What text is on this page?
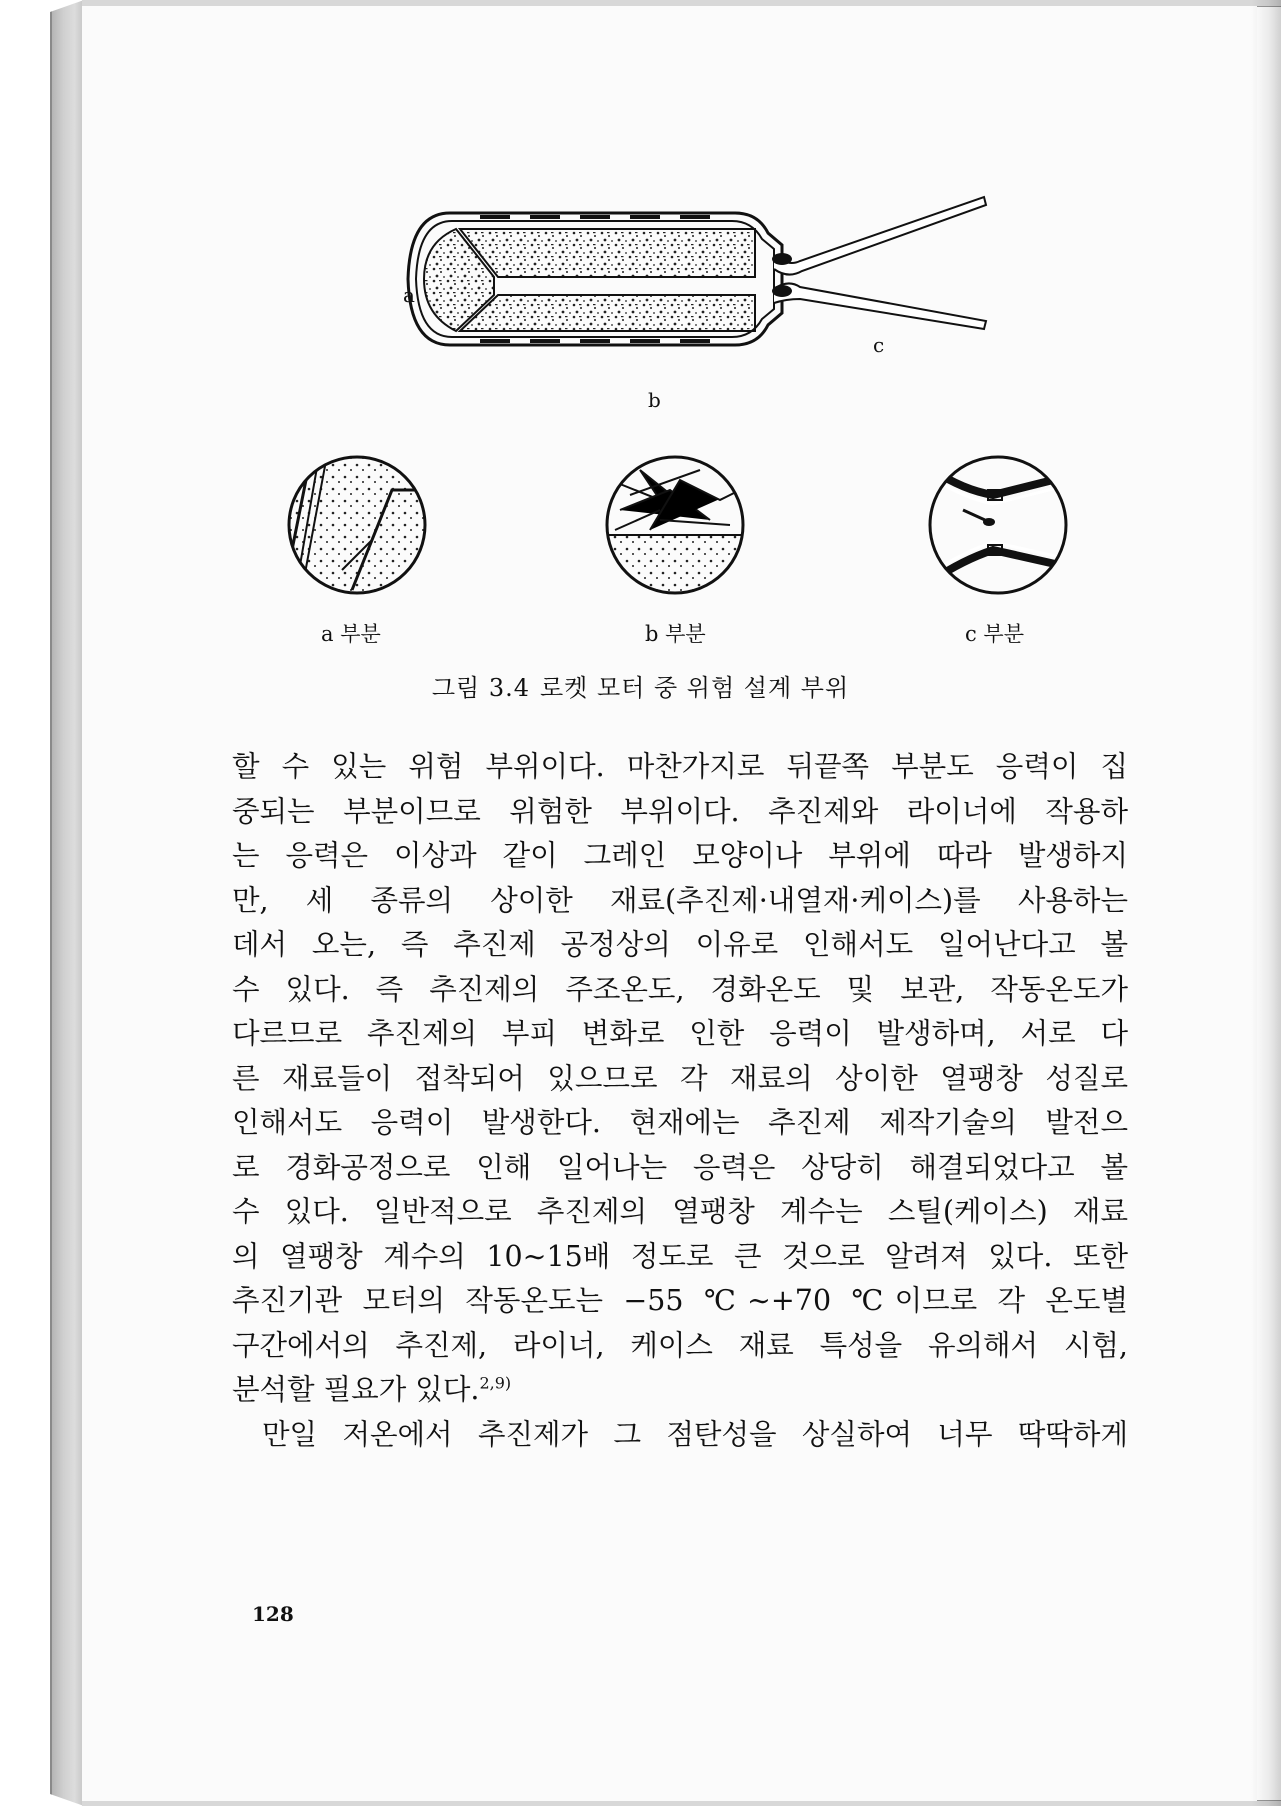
a
b
c
a 부분	b 부분	c 부분
그림 3.4 로켓 모터 중 위험 설계 부위
할 수 있는 위험 부위이다. 마찬가지로 뒤끝쪽 부분도 응력이 집
중되는 부분이므로 위험한 부위이다. 추진제와 라이너에 작용하
는 응력은 이상과 같이 그레인 모양이나 부위에 따라 발생하지
만, 세 종류의 상이한 재료(추진제·내열재·케이스)를 사용하는
데서 오는, 즉 추진제 공정상의 이유로 인해서도 일어난다고 볼
수 있다. 즉 추진제의 주조온도, 경화온도 및 보관, 작동온도가
다르므로 추진제의 부피 변화로 인한 응력이 발생하며, 서로 다
른 재료들이 접착되어 있으므로 각 재료의 상이한 열팽창 성질로
인해서도 응력이 발생한다. 현재에는 추진제 제작기술의 발전으
로 경화공정으로 인해 일어나는 응력은 상당히 해결되었다고 볼
수 있다. 일반적으로 추진제의 열팽창 계수는 스틸(케이스) 재료
의 열팽창 계수의 10∼15배 정도로 큰 것으로 알려져 있다. 또한
추진기관 모터의 작동온도는 −55 ℃∼+70 ℃이므로 각 온도별
구간에서의 추진제, 라이너, 케이스 재료 특성을 유의해서 시험,
분석할 필요가 있다.$^{2,9)}$
만일 저온에서 추진제가 그 점탄성을 상실하여 너무 딱딱하게
128
